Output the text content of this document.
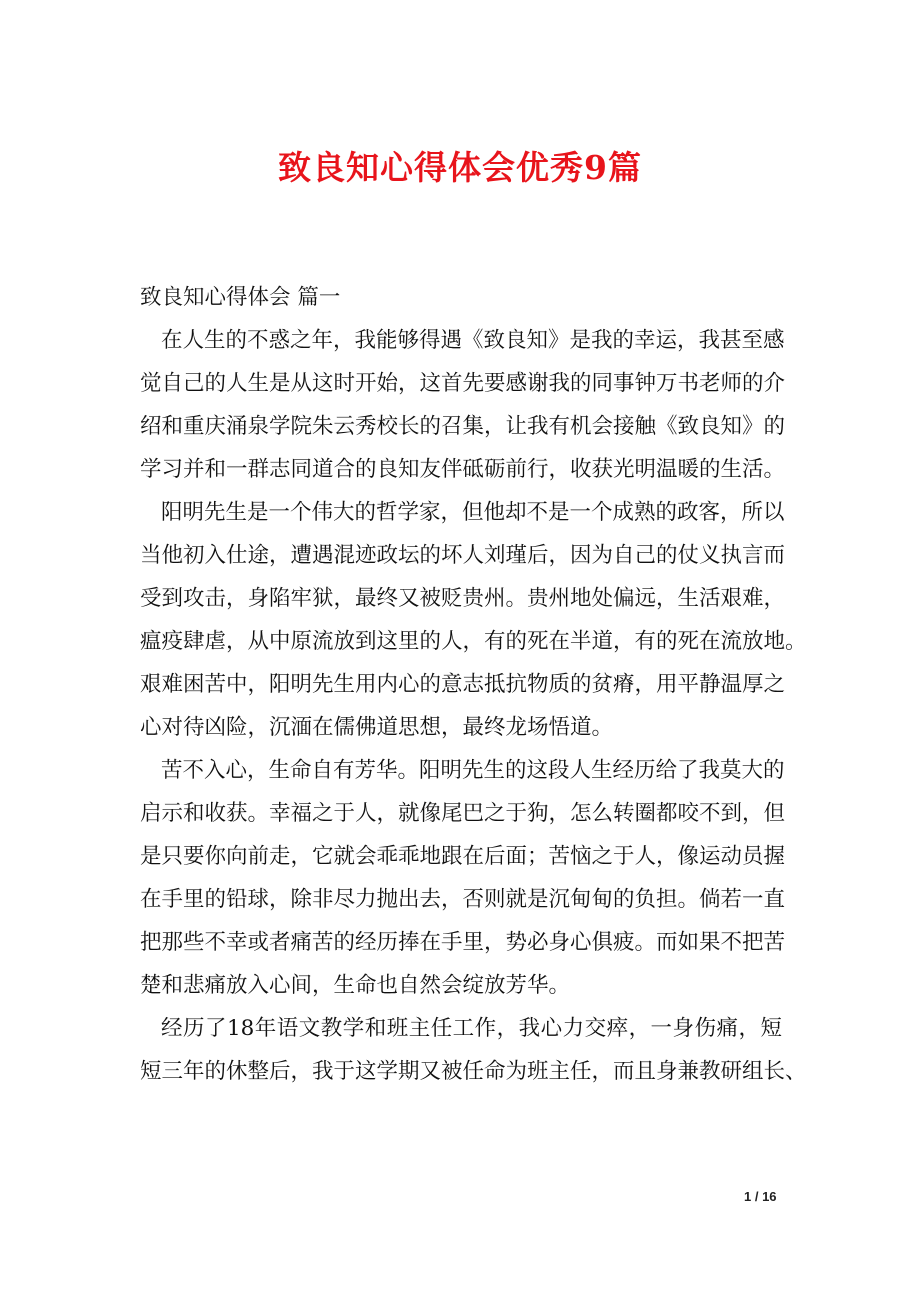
致良知心得体会优秀9篇
致良知心得体会 篇一
在人生的不惑之年，我能够得遇《致良知》是我的幸运，我甚至感
觉自己的人生是从这时开始，这首先要感谢我的同事钟万书老师的介
绍和重庆涌泉学院朱云秀校长的召集，让我有机会接触《致良知》的
学习并和一群志同道合的良知友伴砥砺前行，收获光明温暖的生活。
阳明先生是一个伟大的哲学家，但他却不是一个成熟的政客，所以
当他初入仕途，遭遇混迹政坛的坏人刘瑾后，因为自己的仗义执言而
受到攻击，身陷牢狱，最终又被贬贵州。贵州地处偏远，生活艰难，
瘟疫肆虐，从中原流放到这里的人，有的死在半道，有的死在流放地。
艰难困苦中，阳明先生用内心的意志抵抗物质的贫瘠，用平静温厚之
心对待凶险，沉湎在儒佛道思想，最终龙场悟道。
苦不入心，生命自有芳华。阳明先生的这段人生经历给了我莫大的
启示和收获。幸福之于人，就像尾巴之于狗，怎么转圈都咬不到，但
是只要你向前走，它就会乖乖地跟在后面；苦恼之于人，像运动员握
在手里的铅球，除非尽力抛出去，否则就是沉甸甸的负担。倘若一直
把那些不幸或者痛苦的经历捧在手里，势必身心俱疲。而如果不把苦
楚和悲痛放入心间，生命也自然会绽放芳华。
经历了18年语文教学和班主任工作，我心力交瘁，一身伤痛，短
短三年的休整后，我于这学期又被任命为班主任，而且身兼教研组长、
1 / 16
